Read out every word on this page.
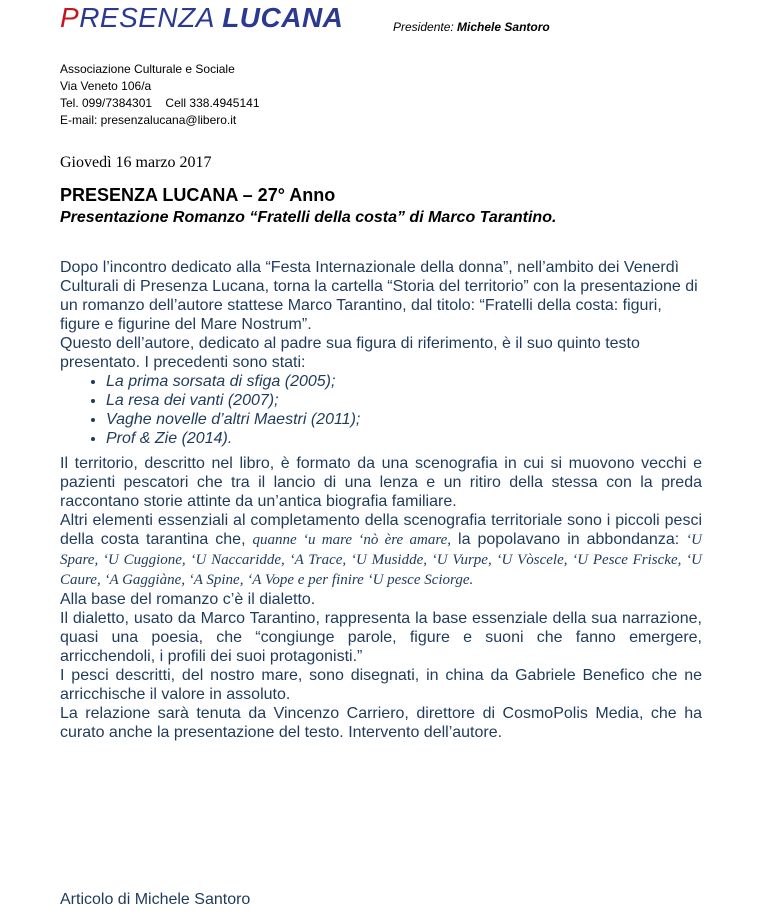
PRESENZA LUCANA	Presidente: Michele Santoro
Associazione Culturale e Sociale
Via Veneto 106/a
Tel. 099/7384301    Cell 338.4945141
E-mail: presenzalucana@libero.it
Giovedì 16 marzo 2017
PRESENZA LUCANA – 27° Anno
Presentazione Romanzo “Fratelli della costa” di Marco Tarantino.

Dopo l’incontro dedicato alla “Festa Internazionale della donna”, nell’ambito dei Venerdì Culturali di Presenza Lucana, torna la cartella “Storia del territorio” con la presentazione di un romanzo dell’autore stattese Marco Tarantino, dal titolo: “Fratelli della costa: figuri, figure e figurine del Mare Nostrum”.

Questo dell’autore, dedicato al padre sua figura di riferimento, è il suo quinto testo presentato. I precedenti sono stati:

• La prima sorsata di sfiga (2005);
• La resa dei vanti (2007);
• Vaghe novelle d’altri Maestri (2011);
• Prof & Zie (2014).

Il territorio, descritto nel libro, è formato da una scenografia in cui si muovono vecchi e pazienti pescatori che tra il lancio di una lenza e un ritiro della stessa con la preda raccontano storie attinte da un’antica biografia familiare.

Altri elementi essenziali al completamento della scenografia territoriale sono i piccoli pesci della costa tarantina che, quanne ‘u mare ‘nò ère amare, la popolavano in abbondanza: ‘U Spare, ‘U Cuggione, ‘U Naccaridde, ‘A Trace, ‘U Musidde, ‘U Vurpe, ‘U Vòscele, ‘U Pesce Friscke, ‘U Caure, ‘A Gaggiàne, ‘A Spine, ‘A Vope e per finire ‘U pesce Sciorge.

Alla base del romanzo c’è il dialetto.

Il dialetto, usato da Marco Tarantino, rappresenta la base essenziale della sua narrazione, quasi una poesia, che “congiunge parole, figure e suoni che fanno emergere, arricchendoli, i profili dei suoi protagonisti.”

I pesci descritti, del nostro mare, sono disegnati, in china da Gabriele Benefico che ne arricchische il valore in assoluto.

La relazione sarà tenuta da Vincenzo Carriero, direttore di CosmoPolis Media, che ha curato anche la presentazione del testo. Intervento dell’autore.

Articolo di Michele Santoro
